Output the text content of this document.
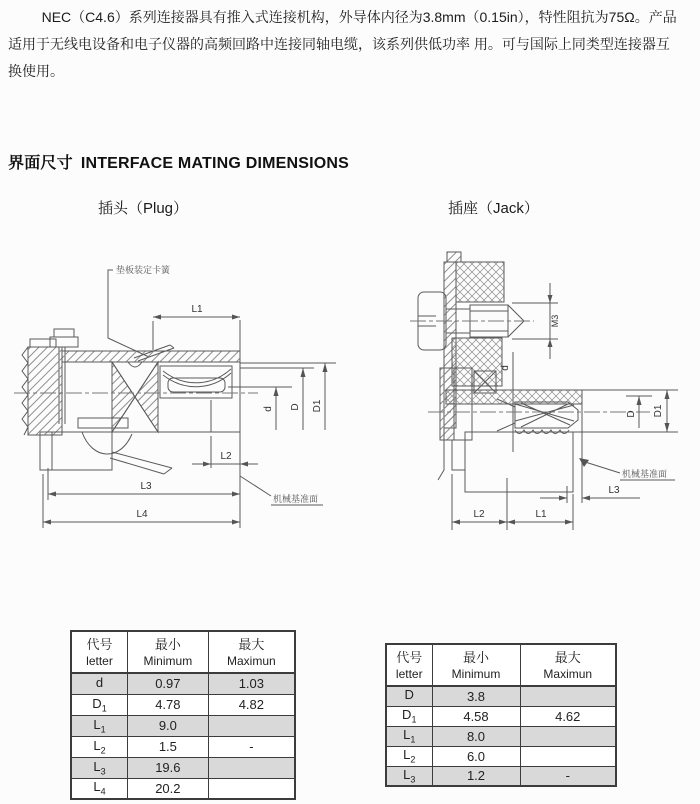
NEC（C4.6）系列连接器具有推入式连接机构，外导体内径为3.8mm（0.15in），特性阻抗为75Ω。产品
适用于无线电设备和电子仪器的高频回路中连接同轴电缆，该系列供低功率 用。可与国际上同类型连接器互
换使用。
界面尺寸 INTERFACE MATING DIMENSIONS
插头（Plug）	插座（Jack）
垫板装定卡簧
L1
L2
L3
L4
d D D1
机械基准面
M3
d
D D1
L3
L2	L1
机械基准面
代号
letter

最小
Minimum

最大
Maximun

d	0.97	1.03
$D_1$	4.78	4.82
$L_1$	9.0	
$L_2$	1.5	-
$L_3$	19.6	
$L_4$	20.2	
代号
letter

最小
Minimum

最大
Maximun

D	3.8	
$D_1$	4.58	4.62
$L_1$	8.0	
$L_2$	6.0	
$L_3$	1.2	-
